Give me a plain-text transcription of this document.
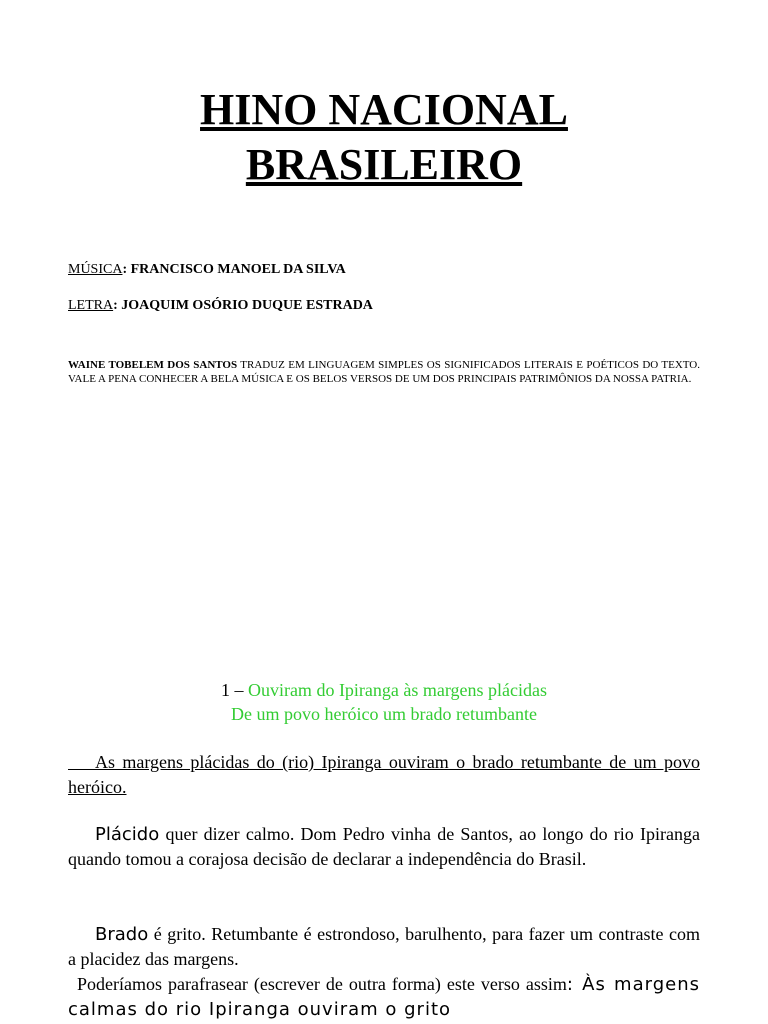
HINO NACIONAL
BRASILEIRO
MÚSICA: FRANCISCO MANOEL DA SILVA
LETRA: JOAQUIM OSÓRIO DUQUE ESTRADA
WAINE TOBELEM DOS SANTOS TRADUZ EM LINGUAGEM SIMPLES OS SIGNIFICADOS LITERAIS E POÉTICOS DO TEXTO. VALE A PENA CONHECER A BELA MÚSICA E OS BELOS VERSOS DE UM DOS PRINCIPAIS PATRIMÔNIOS DA NOSSA PATRIA.
1 – Ouviram do Ipiranga às margens plácidas
De um povo heróico um brado retumbante
  As margens plácidas do (rio) Ipiranga ouviram o brado retumbante de um povo heróico.
  Plácido quer dizer calmo. Dom Pedro vinha de Santos, ao longo do rio Ipiranga quando tomou a corajosa decisão de declarar a independência do Brasil.
  Brado é grito. Retumbante é estrondoso, barulhento, para fazer um contraste com a placidez das margens.
 Poderíamos parafrasear (escrever de outra forma) este verso assim: Às margens calmas do rio Ipiranga ouviram o grito
